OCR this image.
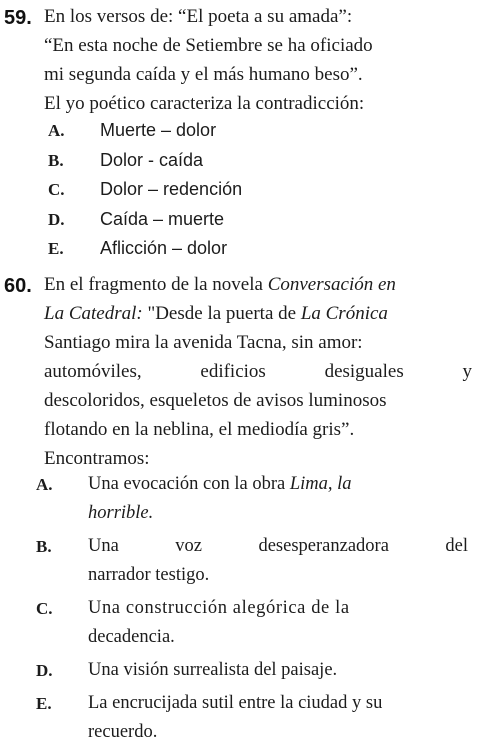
59. En los versos de: “El poeta a su amada”:
“En esta noche de Setiembre se ha oficiado
mi segunda caída y el más humano beso”.
El yo poético caracteriza la contradicción:
A.	Muerte – dolor
B.	Dolor - caída
C.	Dolor – redención
D.	Caída – muerte
E.	Aflicción – dolor
60. En el fragmento de la novela Conversación en
La Catedral: "Desde la puerta de La Crónica
Santiago mira la avenida Tacna, sin amor:
automóviles,	edificios	desiguales	y
descoloridos, esqueletos de avisos luminosos
flotando en la neblina, el mediodía gris”.
Encontramos:
A.	Una evocación con la obra Lima, la
horrible.
B.	Una	voz	desesperanzadora	del
narrador testigo.
C.	Una construcción alegórica de la
decadencia.
D.	Una visión surrealista del paisaje.
E.	La encrucijada sutil entre la ciudad y su
recuerdo.
